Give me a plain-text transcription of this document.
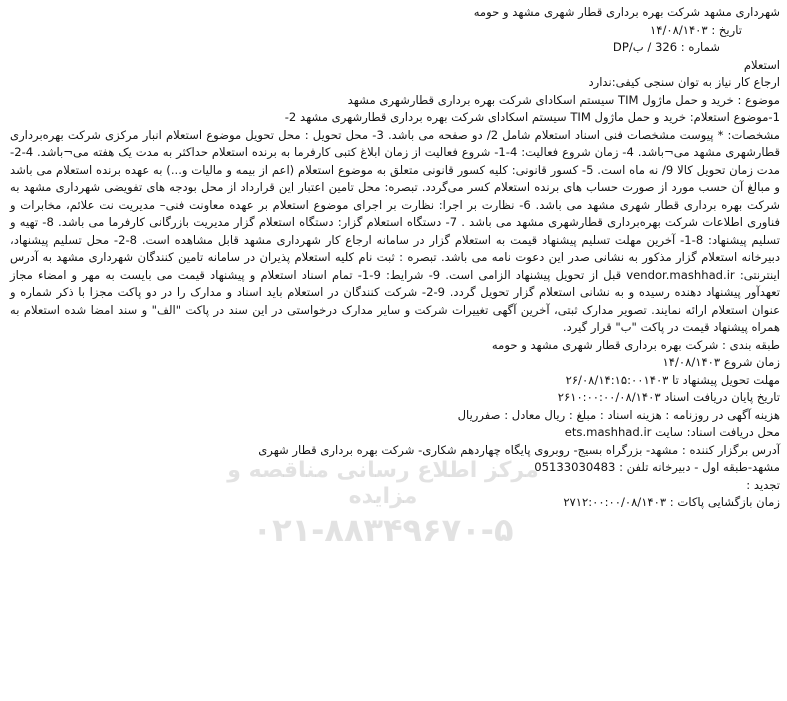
شهرداری مشهد شرکت بهره برداری قطار شهری مشهد و حومه
تاریخ : ۱۴/۰۸/۱۴۰۳
شماره : 326 / ب/DP
استعلام
ارجاع کار نیاز به توان سنجی کیفی:ندارد
موضوع : خرید و حمل ماژول TIM سیستم اسکادای شرکت بهره برداری قطارشهری مشهد
1-موضوع استعلام: خرید و حمل ماژول TIM سیستم اسکادای شرکت بهره برداری قطارشهری مشهد 2-
مشخصات: * پیوست مشخصات فنی اسناد استعلام شامل 2/ دو صفحه می باشد. 3- محل تحویل : محل تحویل موضوع استعلام انبار مرکزی شرکت بهره‌برداری قطارشهری مشهد می¬باشد. 4- زمان شروع فعالیت: 4-1- شروع فعالیت از زمان ابلاغ کتبی کارفرما به برنده استعلام حداکثر به مدت یک هفته می¬باشد. 4-2- مدت زمان تحویل کالا 9/ نه ماه است. 5- کسور قانونی: کلیه کسور قانونی متعلق به موضوع استعلام (اعم از بیمه و مالیات و...) به عهده برنده استعلام می باشد و مبالغ آن حسب مورد از صورت حساب های برنده استعلام کسر می‌گردد. تبصره: محل تامین اعتبار این قرارداد از محل بودجه های تفویضی شهرداری مشهد به شرکت بهره برداری قطار شهری مشهد می باشد. 6- نظارت بر اجرا: نظارت بر اجرای موضوع استعلام بر عهده معاونت فنی– مدیریت نت علائم، مخابرات و فناوری اطلاعات شرکت بهره‌برداری قطارشهری مشهد می باشد . 7- دستگاه استعلام گزار: دستگاه استعلام گزار مدیریت بازرگانی کارفرما می باشد. 8- تهیه و تسلیم پیشنهاد: 8-1- آخرین مهلت تسلیم پیشنهاد قیمت به استعلام گزار در سامانه ارجاع کار شهرداری مشهد قابل مشاهده است. 8-2- محل تسلیم پیشنهاد، دبیرخانه استعلام گزار مذکور به نشانی صدر این دعوت نامه می باشد. تبصره : ثبت نام کلیه استعلام پذیران در سامانه تامین کنندگان شهرداری مشهد به آدرس اینترنتی: vendor.mashhad.ir قبل از تحویل پیشنهاد الزامی است. 9- شرایط: 9-1- تمام اسناد استعلام و پیشنهاد قیمت می بایست به مهر و امضاء مجاز تعهدآور پیشنهاد دهنده رسیده و به نشانی استعلام گزار تحویل گردد. 9-2- شرکت کنندگان در استعلام باید اسناد و مدارک را در دو پاکت مجزا با ذکر شماره و عنوان استعلام ارائه نمایند. تصویر مدارک ثبتی، آخرین آگهی تغییرات شرکت و سایر مدارک درخواستی در این سند در پاکت "الف" و سند امضا شده استعلام به همراه پیشنهاد قیمت در پاکت "ب" قرار گیرد.
طبقه بندی : شرکت بهره برداری قطار شهری مشهد و حومه
زمان شروع ۱۴/۰۸/۱۴۰۳
مهلت تحویل پیشنهاد تا ۲۶/۰۸/۱۴:۱۵:۰۰۱۴۰۳
تاریخ پایان دریافت اسناد ۲۶۱۰:۰۰:۰۰/۰۸/۱۴۰۳
هزینه آگهی در روزنامه : هزینه اسناد : مبلغ : ریال معادل : صفرریال
محل دریافت اسناد: سایت ets.mashhad.ir
آدرس برگزار کننده : مشهد- بزرگراه بسیج- روبروی پایگاه چهاردهم شکاری- شرکت بهره برداری قطار شهری
مشهد-طبقه اول - دبیرخانه تلفن : 05133030483
تجدید :
زمان بازگشایی پاکات : ۲۷۱۲:۰۰:۰۰/۰۸/۱۴۰۳
مرکز اطلاع رسانی مناقصه و مزایده
۰۲۱-۸۸۳۴۹۶۷۰-۵
